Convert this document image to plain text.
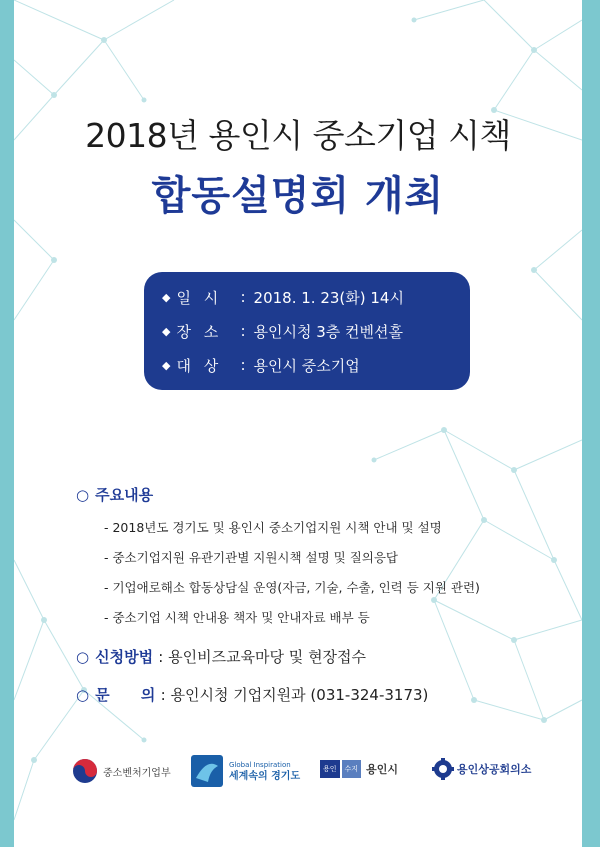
2018년 용인시 중소기업 시책
합동설명회 개최
◆ 일 시	: 2018. 1. 23(화) 14시
◆ 장 소	: 용인시청 3층 컨벤션홀
◆ 대 상	: 용인시 중소기업
○ 주요내용
- 2018년도 경기도 및 용인시 중소기업지원 시책 안내 및 설명
- 중소기업지원 유관기관별 지원시책 설명 및 질의응답
- 기업애로해소 합동상담실 운영(자금, 기술, 수출, 인력 등 지원 관련)
- 중소기업 시책 안내용 책자 및 안내자료 배부 등
○ 신청방법 : 용인비즈교육마당 및 현장접수
○ 문      의 : 용인시청 기업지원과 (031-324-3173)
중소벤처기업부
Global Inspiration
세계속의 경기도
용인	수지 용인시	용인상공회의소
